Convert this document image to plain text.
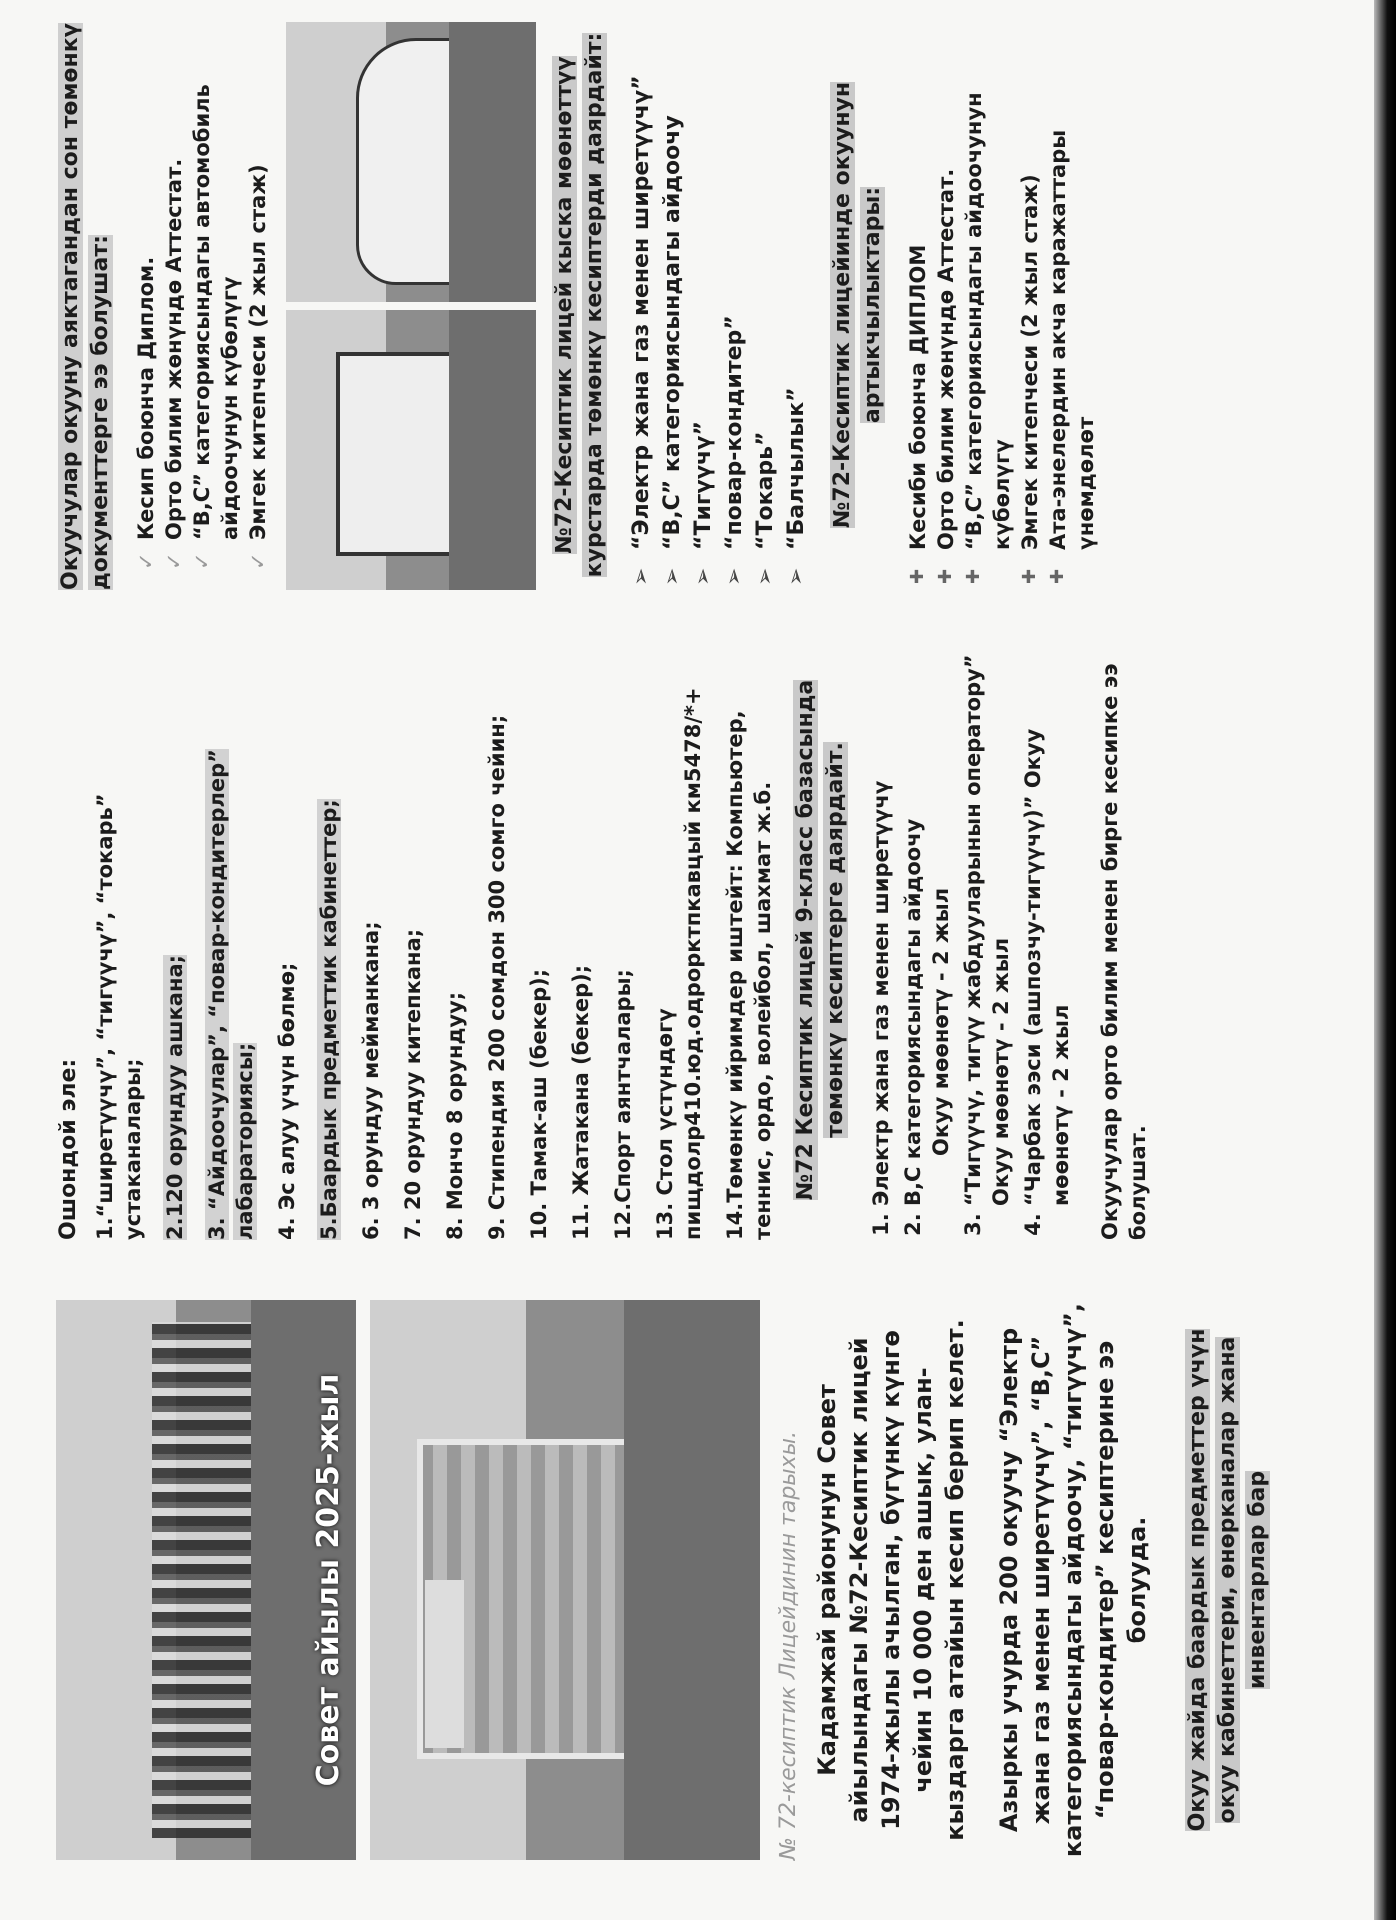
Совет айылы 2025-жыл	№ 72-кесиптик Лицейдинин тарыхы. Кадамжай районунун Совет айылындагы №72-Кесиптик лицей 1974-жылы ачылган, бүгүнкү күнгө чейин 10 000 ден ашык, улан- кыздарга атайын кесип берип келет. Азыркы учурда 200 окуучу “Электр жана газ менен ширетүүчү”, “В,С” категориясындагы айдоочу, “тигүүчү”, “повар-кондитер” кесиптерине ээ болууда. Окуу жайда баардык предметтер үчүн окуу кабинеттери, өнөрканалар жана инвентарлар бар
Ошондой эле: 1.“ширетүүчү”, “тигүүчү”, “токарь” устаканалары; 2.120 орундуу ашкана; 3. “Айдоочулар”, “повар-кондитерлер” лабараториясы; 4. Эс алуу үчүн бөлмө; 5.Баардык предметтик кабинеттер; 6. 3 орундуу мейманкана; 7. 20 орундуу китепкана; 8. Мончо 8 орундуу; 9. Стипендия 200 сомдон 300 сомго чейин; 10. Тамак-аш (бекер); 11. Жатакана (бекер); 12.Спорт аянтчалары; 13. Стол үстүндөгү пищдолр410.юд.одрорктпкавцый км5478/*+ 14.Төмөнкү ийримдер иштейт: Компьютер, теннис, ордо, волейбол, шахмат ж.б. №72 Кесиптик лицей 9-класс базасында төмөнкү кесиптерге даярдайт. 1. Электр жана газ менен ширетүүчү 2. В,С категориясындагы айдоочу Окуу мөөнөтү - 2 жыл 3. “Тигүүчү, тигүү жабдууларынын оператору” Окуу мөөнөтү - 2 жыл 4. “Чарбак ээси (ашпозчу-тигүүчү)” Окуу мөөнөтү - 2 жыл Окуучулар орто билим менен бирге кесипке ээ болушат.

Окуучулар окууну аяктагандан сон төмөнкү документтерге ээ болушат: ✓ Кесип боюнча Диплом. ✓ Орто билим жөнүндө Аттестат. ✓ “В,С” категориясындагы автомобиль айдоочунун күбөлүгү ✓ Эмгек китепчеси (2 жыл стаж)	№72-Кесиптик лицей кыска мөөнөттүү курстарда төмөнкү кесиптерди даярдайт: ➢ “Электр жана газ менен ширетүүчү” ➢ “В,С” категориясындагы айдоочу ➢ “Тигүүчү” ➢ “повар-кондитер” ➢ “Токарь” ➢ “Балчылык” №72-Кесиптик лицейинде окуунун артыкчылыктары: ✚ Кесиби боюнча ДИПЛОМ ✚ Орто билим жөнүндө Аттестат. ✚ “В,С” категориясындагы айдоочунун күбөлүгү ✚ Эмгек китепчеси (2 жыл стаж) ✚ Ата-энелердин акча каражаттары үнөмдөлөт
